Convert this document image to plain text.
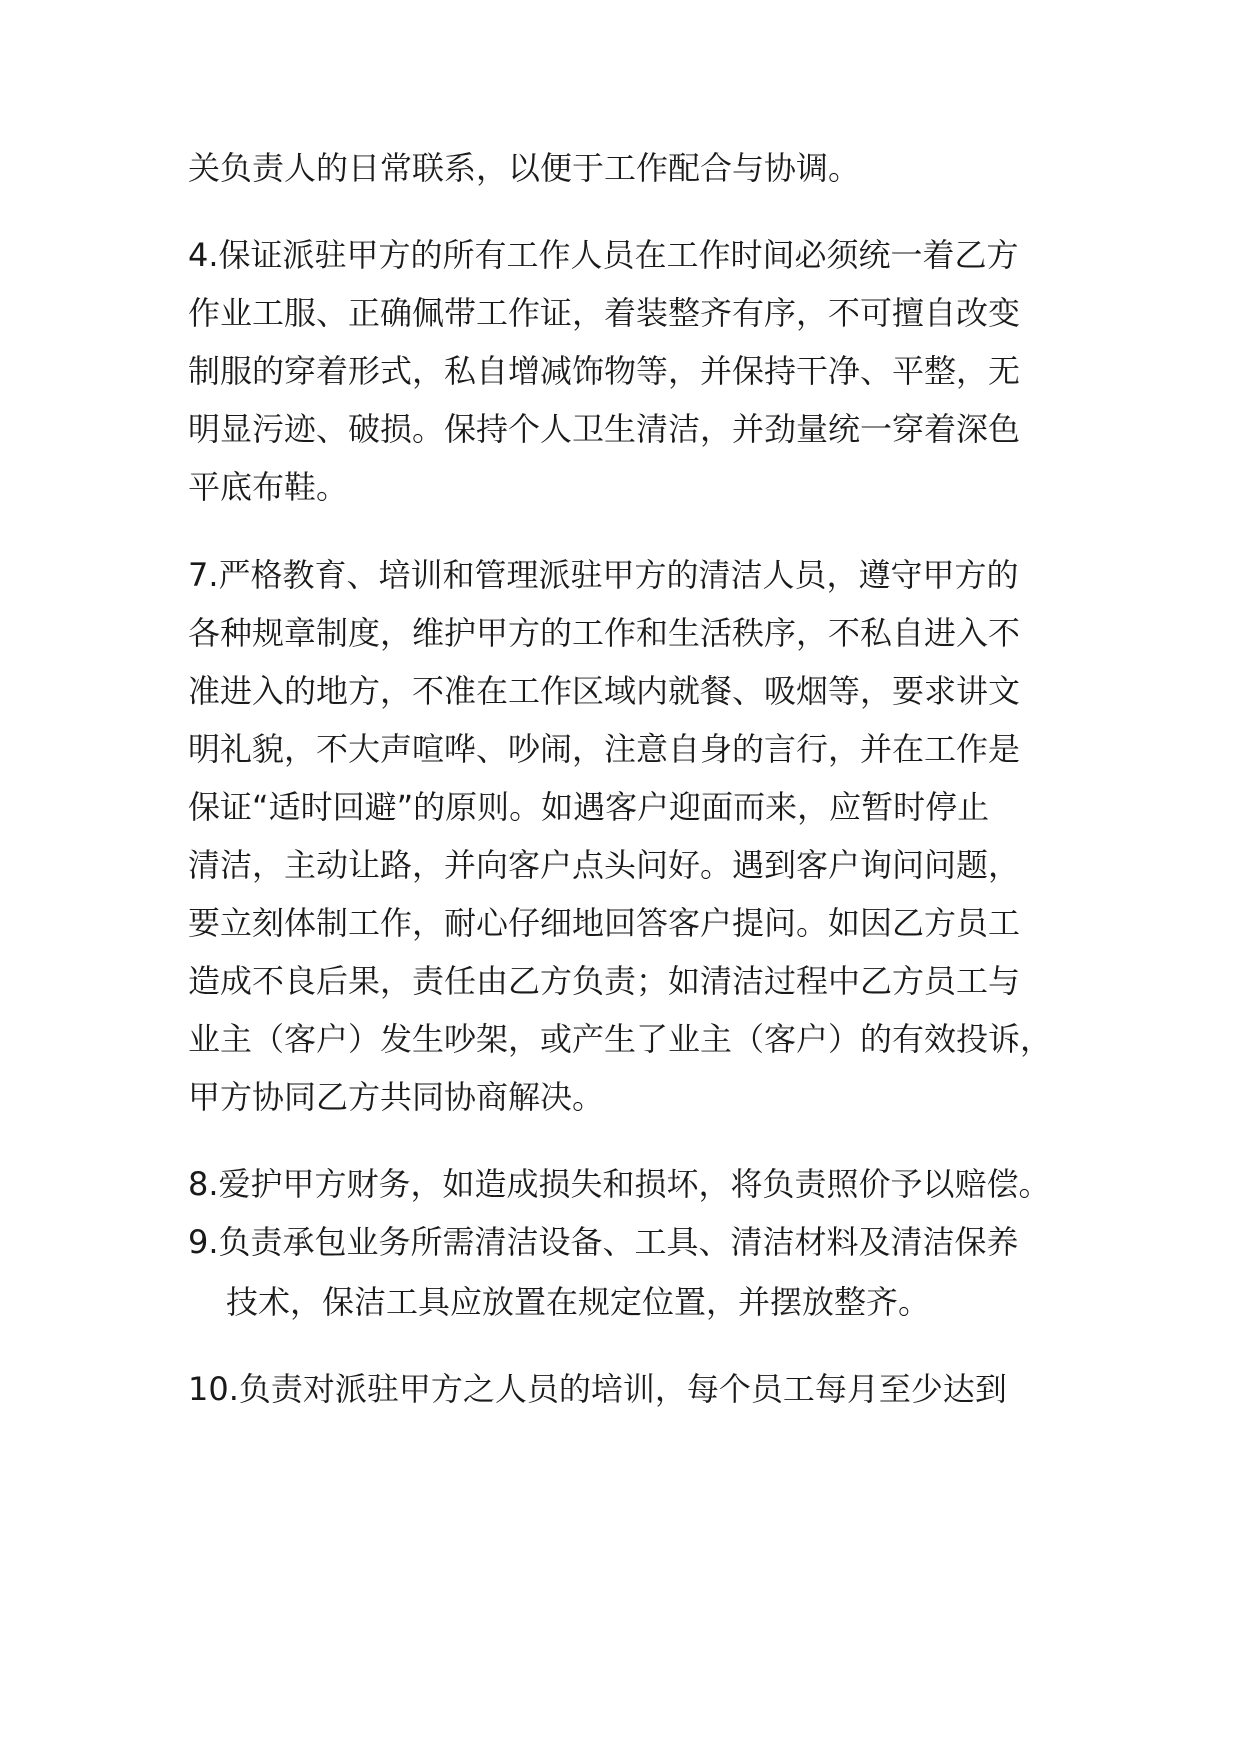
关负责人的日常联系，以便于工作配合与协调。
4.保证派驻甲方的所有工作人员在工作时间必须统一着乙方
作业工服、正确佩带工作证，着装整齐有序，不可擅自改变
制服的穿着形式，私自增减饰物等，并保持干净、平整，无
明显污迹、破损。保持个人卫生清洁，并劲量统一穿着深色
平底布鞋。
7.严格教育、培训和管理派驻甲方的清洁人员，遵守甲方的
各种规章制度，维护甲方的工作和生活秩序，不私自进入不
准进入的地方，不准在工作区域内就餐、吸烟等，要求讲文
明礼貌，不大声喧哗、吵闹，注意自身的言行，并在工作是
保证“适时回避”的原则。如遇客户迎面而来，应暂时停止
清洁，主动让路，并向客户点头问好。遇到客户询问问题，
要立刻体制工作，耐心仔细地回答客户提问。如因乙方员工
造成不良后果，责任由乙方负责；如清洁过程中乙方员工与
业主（客户）发生吵架，或产生了业主（客户）的有效投诉，
甲方协同乙方共同协商解决。
8.爱护甲方财务，如造成损失和损坏，将负责照价予以赔偿。
9.负责承包业务所需清洁设备、工具、清洁材料及清洁保养
技术，保洁工具应放置在规定位置，并摆放整齐。
10.负责对派驻甲方之人员的培训，每个员工每月至少达到
